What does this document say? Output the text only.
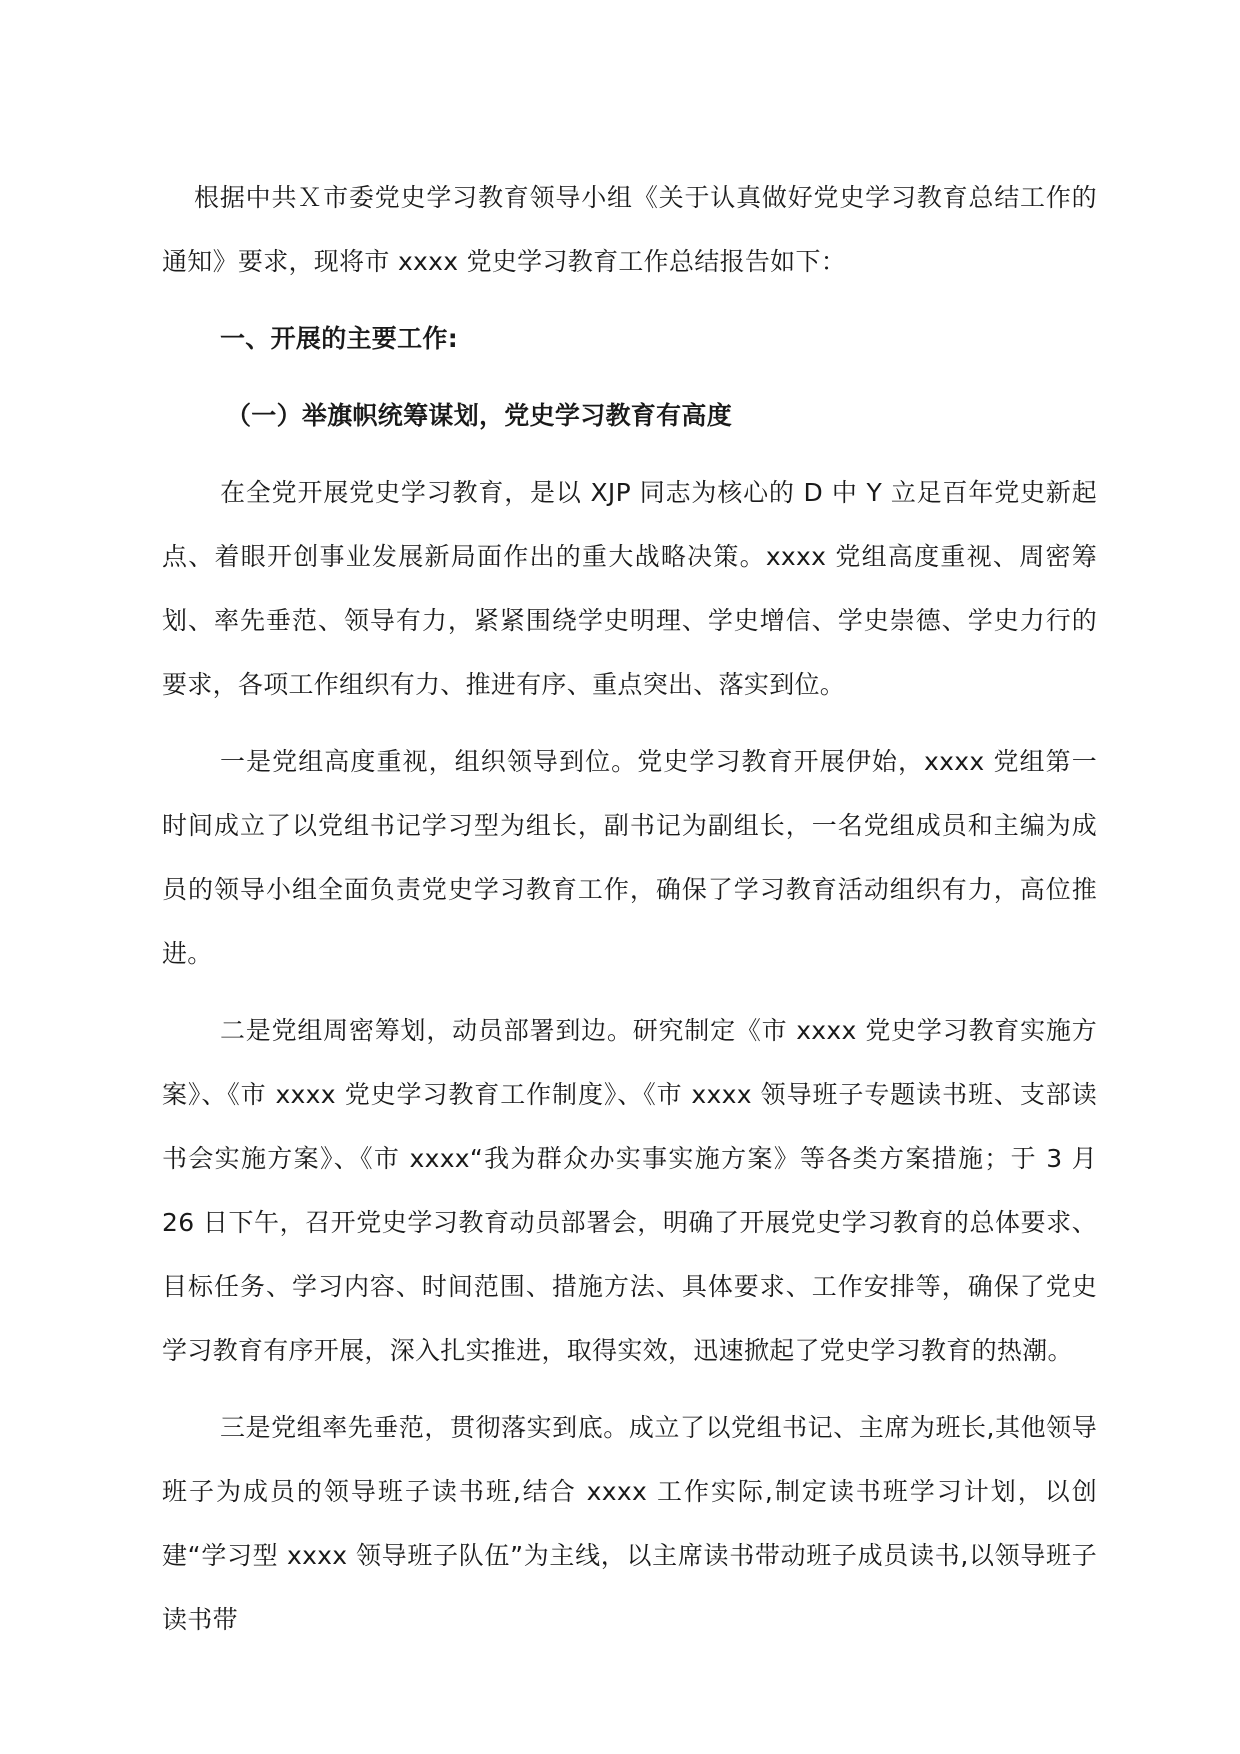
根据中共Ｘ市委党史学习教育领导小组《关于认真做好党史学习教育总结工作的通知》要求，现将市 xxxx 党史学习教育工作总结报告如下：

一、开展的主要工作:

（一）举旗帜统筹谋划，党史学习教育有高度

在全党开展党史学习教育，是以 XJP 同志为核心的 D 中 Y 立足百年党史新起点、着眼开创事业发展新局面作出的重大战略决策。xxxx 党组高度重视、周密筹划、率先垂范、领导有力，紧紧围绕学史明理、学史增信、学史崇德、学史力行的要求，各项工作组织有力、推进有序、重点突出、落实到位。

一是党组高度重视，组织领导到位。党史学习教育开展伊始，xxxx 党组第一时间成立了以党组书记学习型为组长，副书记为副组长，一名党组成员和主编为成员的领导小组全面负责党史学习教育工作，确保了学习教育活动组织有力，高位推进。

二是党组周密筹划，动员部署到边。研究制定《市 xxxx 党史学习教育实施方案》、《市 xxxx 党史学习教育工作制度》、《市 xxxx 领导班子专题读书班、支部读书会实施方案》、《市 xxxx“我为群众办实事实施方案》等各类方案措施；于 3 月 26 日下午，召开党史学习教育动员部署会，明确了开展党史学习教育的总体要求、目标任务、学习内容、时间范围、措施方法、具体要求、工作安排等，确保了党史学习教育有序开展，深入扎实推进，取得实效，迅速掀起了党史学习教育的热潮。

三是党组率先垂范，贯彻落实到底。成立了以党组书记、主席为班长,其他领导班子为成员的领导班子读书班,结合 xxxx 工作实际,制定读书班学习计划，以创建“学习型 xxxx 领导班子队伍”为主线，以主席读书带动班子成员读书,以领导班子读书带
